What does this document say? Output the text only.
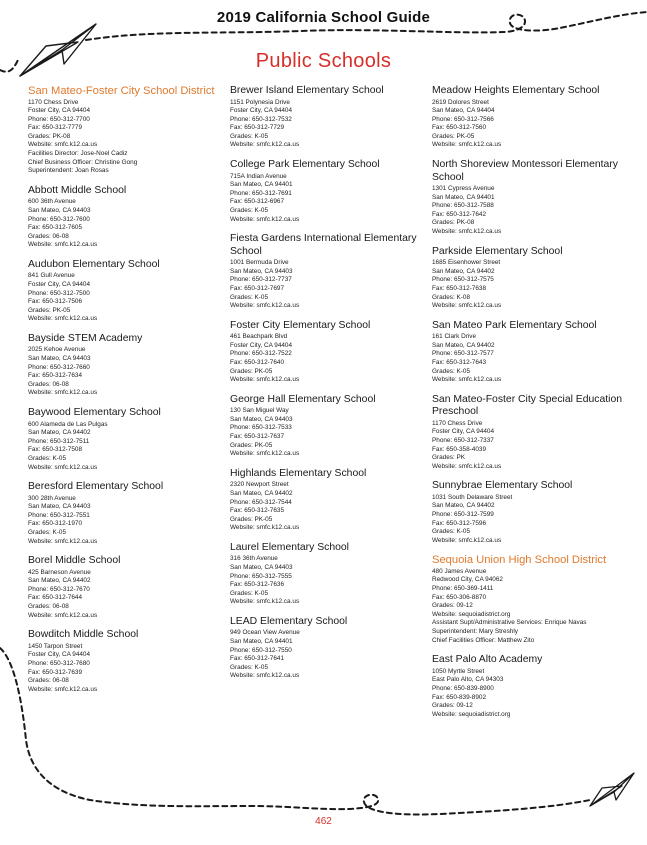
2019 California School Guide
Public Schools
San Mateo-Foster City School District
1170 Chess Drive
Foster City, CA 94404
Phone: 650-312-7700
Fax: 650-312-7779
Grades: PK-08
Website: smfc.k12.ca.us
Facilities Director: Jose-Noel Cadiz
Chief Business Officer: Christine Gong
Superintendent: Joan Rosas
Abbott Middle School
600 36th Avenue
San Mateo, CA 94403
Phone: 650-312-7600
Fax: 650-312-7605
Grades: 06-08
Website: smfc.k12.ca.us
Audubon Elementary School
841 Gull Avenue
Foster City, CA 94404
Phone: 650-312-7500
Fax: 650-312-7506
Grades: PK-05
Website: smfc.k12.ca.us
Bayside STEM Academy
2025 Kehoe Avenue
San Mateo, CA 94403
Phone: 650-312-7660
Fax: 650-312-7634
Grades: 06-08
Website: smfc.k12.ca.us
Baywood Elementary School
600 Alameda de Las Pulgas
San Mateo, CA 94402
Phone: 650-312-7511
Fax: 650-312-7508
Grades: K-05
Website: smfc.k12.ca.us
Beresford Elementary School
300 28th Avenue
San Mateo, CA 94403
Phone: 650-312-7551
Fax: 650-312-1970
Grades: K-05
Website: smfc.k12.ca.us
Borel Middle School
425 Barneson Avenue
San Mateo, CA 94402
Phone: 650-312-7670
Fax: 650-312-7644
Grades: 06-08
Website: smfc.k12.ca.us
Bowditch Middle School
1450 Tarpon Street
Foster City, CA 94404
Phone: 650-312-7680
Fax: 650-312-7639
Grades: 06-08
Website: smfc.k12.ca.us
Brewer Island Elementary School
1151 Polynesia Drive
Foster City, CA 94404
Phone: 650-312-7532
Fax: 650-312-7729
Grades: K-05
Website: smfc.k12.ca.us
College Park Elementary School
715A Indian Avenue
San Mateo, CA 94401
Phone: 650-312-7691
Fax: 650-312-6967
Grades: K-05
Website: smfc.k12.ca.us
Fiesta Gardens International Elementary School
1001 Bermuda Drive
San Mateo, CA 94403
Phone: 650-312-7737
Fax: 650-312-7697
Grades: K-05
Website: smfc.k12.ca.us
Foster City Elementary School
461 Beachpark Blvd
Foster City, CA 94404
Phone: 650-312-7522
Fax: 650-312-7640
Grades: PK-05
Website: smfc.k12.ca.us
George Hall Elementary School
130 San Miguel Way
San Mateo, CA 94403
Phone: 650-312-7533
Fax: 650-312-7637
Grades: PK-05
Website: smfc.k12.ca.us
Highlands Elementary School
2320 Newport Street
San Mateo, CA 94402
Phone: 650-312-7544
Fax: 650-312-7635
Grades: PK-05
Website: smfc.k12.ca.us
Laurel Elementary School
316 36th Avenue
San Mateo, CA 94403
Phone: 650-312-7555
Fax: 650-312-7636
Grades: K-05
Website: smfc.k12.ca.us
LEAD Elementary School
949 Ocean View Avenue
San Mateo, CA 94401
Phone: 650-312-7550
Fax: 650-312-7641
Grades: K-05
Website: smfc.k12.ca.us
Meadow Heights Elementary School
2619 Dolores Street
San Mateo, CA 94404
Phone: 650-312-7566
Fax: 650-312-7560
Grades: PK-05
Website: smfc.k12.ca.us
North Shoreview Montessori Elementary School
1301 Cypress Avenue
San Mateo, CA 94401
Phone: 650-312-7588
Fax: 650-312-7642
Grades: PK-08
Website: smfc.k12.ca.us
Parkside Elementary School
1685 Eisenhower Street
San Mateo, CA 94402
Phone: 650-312-7575
Fax: 650-312-7638
Grades: K-08
Website: smfc.k12.ca.us
San Mateo Park Elementary School
161 Clark Drive
San Mateo, CA 94402
Phone: 650-312-7577
Fax: 650-312-7643
Grades: K-05
Website: smfc.k12.ca.us
San Mateo-Foster City Special Education Preschool
1170 Chess Drive
Foster City, CA 94404
Phone: 650-312-7337
Fax: 650-358-4039
Grades: PK
Website: smfc.k12.ca.us
Sunnybrae Elementary School
1031 South Delaware Street
San Mateo, CA 94402
Phone: 650-312-7599
Fax: 650-312-7596
Grades: K-05
Website: smfc.k12.ca.us
Sequoia Union High School District
480 James Avenue
Redwood City, CA 94062
Phone: 650-369-1411
Fax: 650-306-8870
Grades: 09-12
Website: sequoiadistrict.org
Assistant Supt/Administrative Services: Enrique Navas
Superintendent: Mary Streshly
Chief Facilities Officer: Matthew Zito
East Palo Alto Academy
1050 Myrtle Street
East Palo Alto, CA 94303
Phone: 650-839-8900
Fax: 650-839-8902
Grades: 09-12
Website: sequoiadistrict.org
462
